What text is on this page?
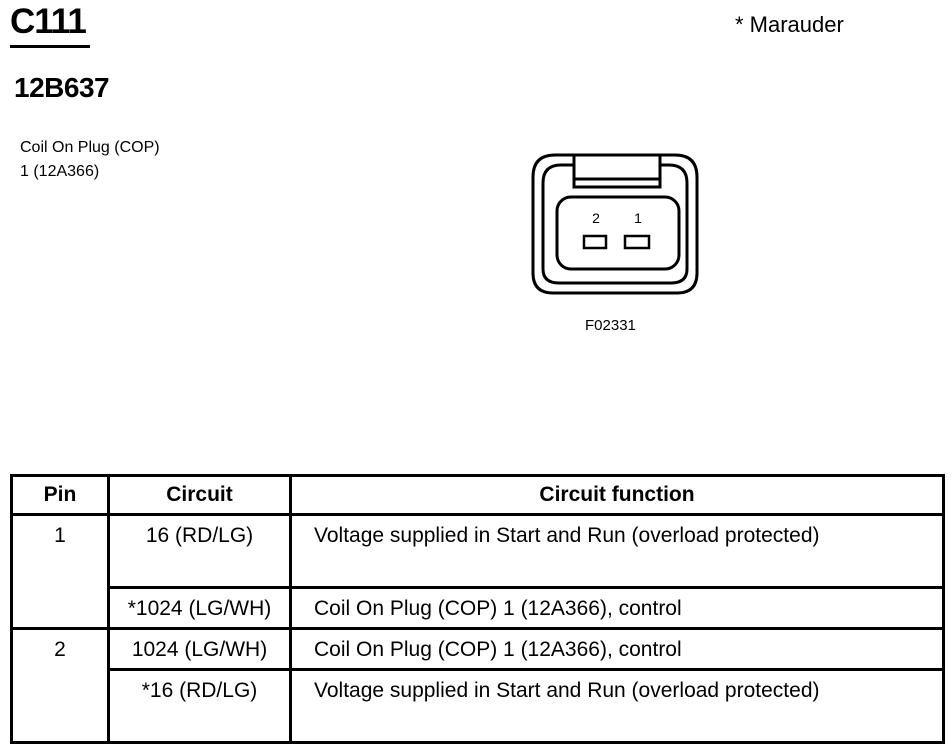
C111	* Marauder
12B637
Coil On Plug (COP)
1 (12A366)
2 1
F02331
Pin	Circuit	Circuit function
1	16 (RD/LG)	Voltage supplied in Start and Run (overload protected)
	*1024 (LG/WH)	Coil On Plug (COP) 1 (12A366), control
2	1024 (LG/WH)	Coil On Plug (COP) 1 (12A366), control
	*16 (RD/LG)	Voltage supplied in Start and Run (overload protected)
